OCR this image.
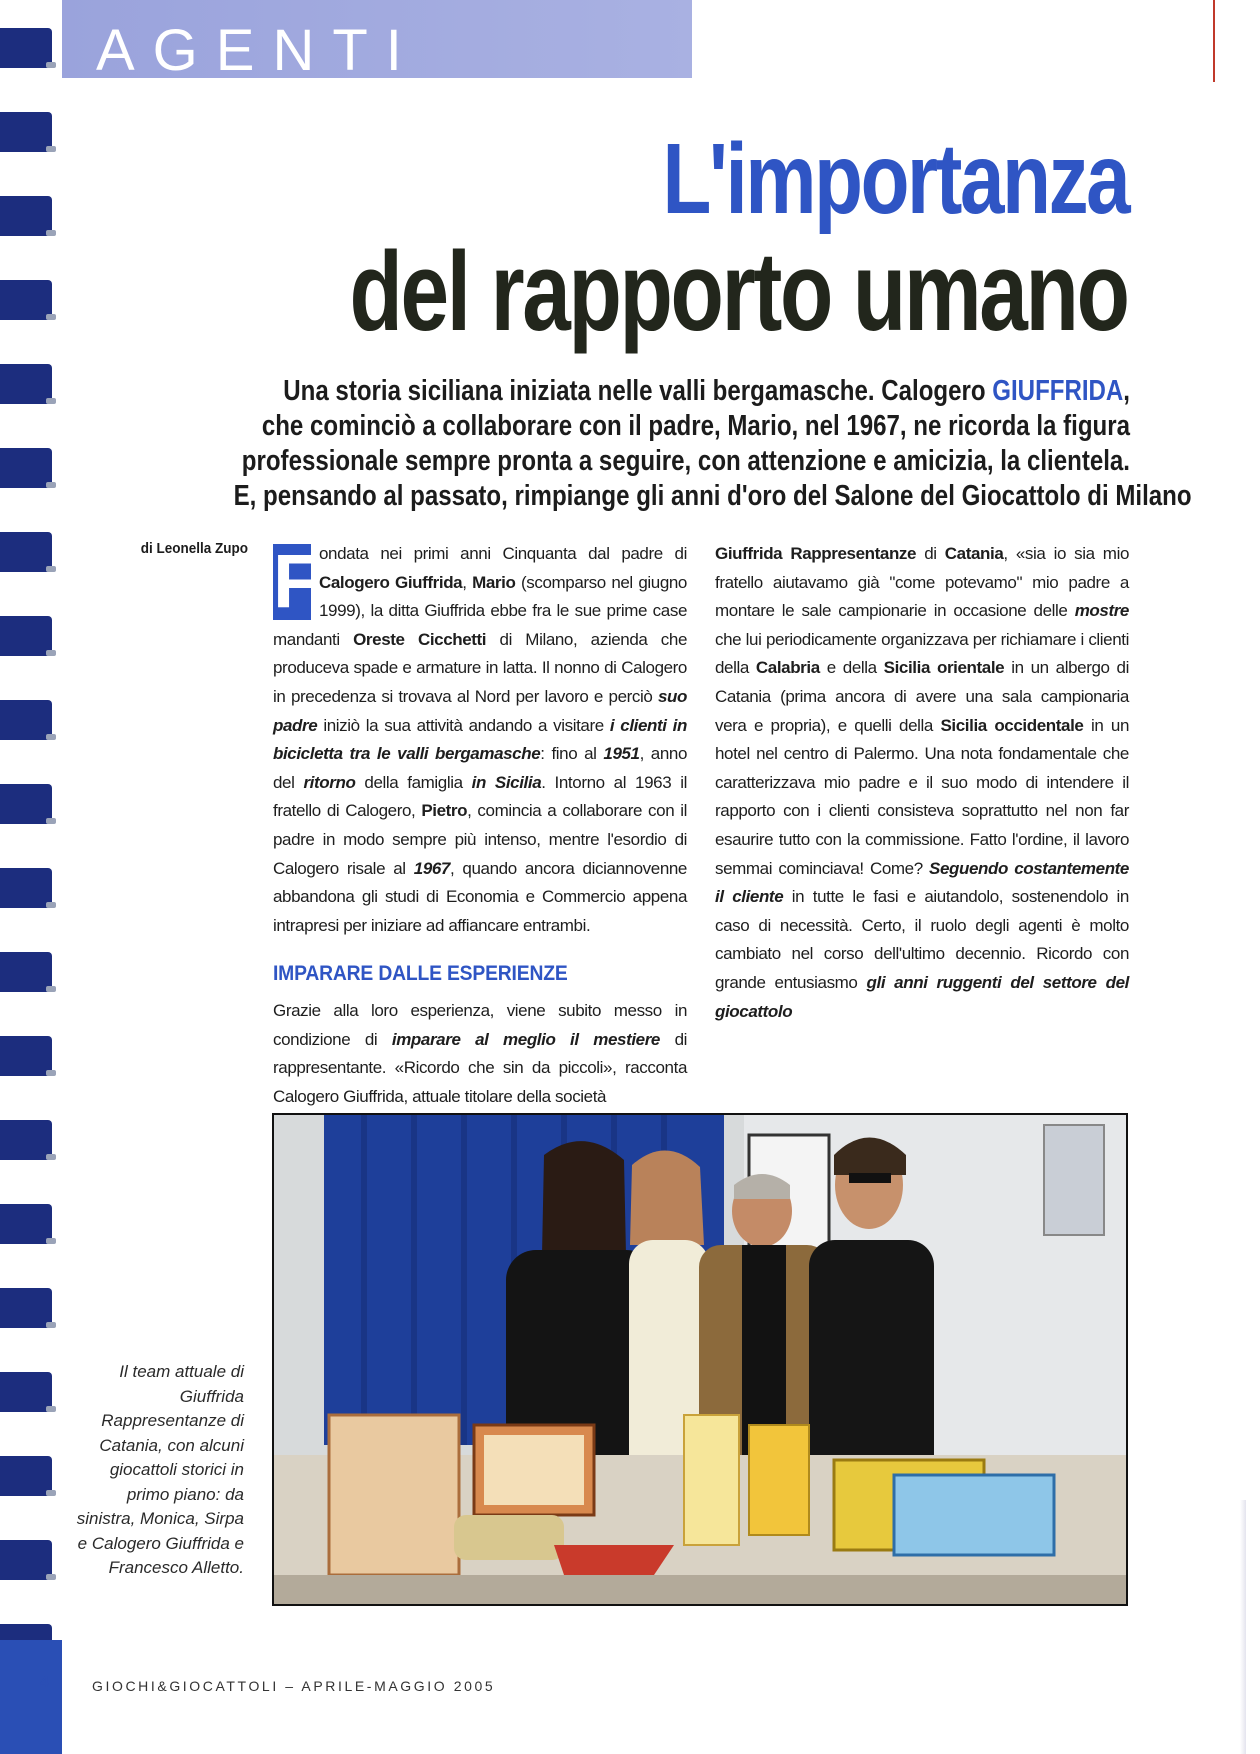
AGENTI
L'importanza
del rapporto umano

Una storia siciliana iniziata nelle valli bergamasche. Calogero GIUFFRIDA,

che cominciò a collaborare con il padre, Mario, nel 1967, ne ricorda la figura

professionale sempre pronta a seguire, con attenzione e amicizia, la clientela.

E, pensando al passato, rimpiange gli anni d'oro del Salone del Giocattolo di Milano

di Leonella Zupo F ondata nei primi anni Cinquanta dal padre di Calogero Giuffrida, Mario (scomparso nel giugno 1999), la ditta Giuffrida ebbe fra le sue prime case mandanti Oreste Cicchetti di Milano, azienda che produceva spade e armature in latta. Il nonno di Calogero in precedenza si trovava al Nord per lavoro e perciò suo padre iniziò la sua attività andando a visitare i clienti in bicicletta tra le valli bergamasche: fino al 1951, anno del ritorno della famiglia in Sicilia. Intorno al 1963 il fratello di Calogero, Pietro, comincia a collaborare con il padre in modo sempre più intenso, mentre l'esordio di Calogero risale al 1967, quando ancora diciannovenne abbandona gli studi di Economia e Commercio appena intrapresi per iniziare ad affiancare entrambi.

IMPARARE DALLE ESPERIENZE

Grazie alla loro esperienza, viene subito messo in condizione di imparare al meglio il mestiere di rappresentante. «Ricordo che sin da piccoli», racconta Calogero Giuffrida, attuale titolare della società

Giuffrida Rappresentanze di Catania, «sia io sia mio fratello aiutavamo già "come potevamo" mio padre a montare le sale campionarie in occasione delle mostre che lui periodicamente organizzava per richiamare i clienti della Calabria e della Sicilia orientale in un albergo di Catania (prima ancora di avere una sala campionaria vera e propria), e quelli della Sicilia occidentale in un hotel nel centro di Palermo. Una nota fondamentale che caratterizzava mio padre e il suo modo di intendere il rapporto con i clienti consisteva soprattutto nel non far esaurire tutto con la commissione. Fatto l'ordine, il lavoro semmai cominciava! Come? Seguendo costantemente il cliente in tutte le fasi e aiutandolo, sostenendolo in caso di necessità. Certo, il ruolo degli agenti è molto cambiato nel corso dell'ultimo decennio. Ricordo con grande entusiasmo gli anni ruggenti del settore del giocattolo

Il team attuale di Giuffrida Rappresentanze di Catania, con alcuni giocattoli storici in primo piano: da sinistra, Monica, Sirpa e Calogero Giuffrida e Francesco Alletto.
4	GIOCHI&GIOCATTOLI – APRILE-MAGGIO 2005
